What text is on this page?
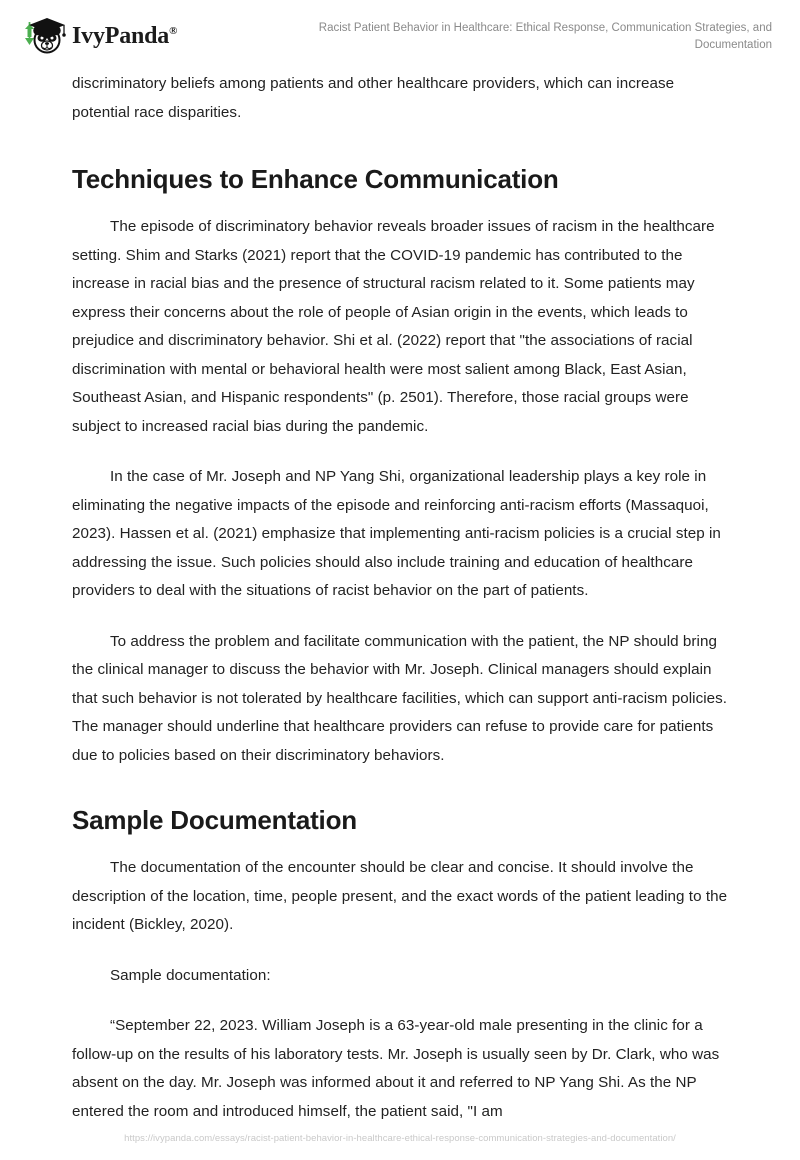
IvyPanda®	Racist Patient Behavior in Healthcare: Ethical Response, Communication Strategies, and Documentation

discriminatory beliefs among patients and other healthcare providers, which can increase potential race disparities.

Techniques to Enhance Communication

The episode of discriminatory behavior reveals broader issues of racism in the healthcare setting. Shim and Starks (2021) report that the COVID-19 pandemic has contributed to the increase in racial bias and the presence of structural racism related to it. Some patients may express their concerns about the role of people of Asian origin in the events, which leads to prejudice and discriminatory behavior. Shi et al. (2022) report that "the associations of racial discrimination with mental or behavioral health were most salient among Black, East Asian, Southeast Asian, and Hispanic respondents" (p. 2501). Therefore, those racial groups were subject to increased racial bias during the pandemic.

In the case of Mr. Joseph and NP Yang Shi, organizational leadership plays a key role in eliminating the negative impacts of the episode and reinforcing anti-racism efforts (Massaquoi, 2023). Hassen et al. (2021) emphasize that implementing anti-racism policies is a crucial step in addressing the issue. Such policies should also include training and education of healthcare providers to deal with the situations of racist behavior on the part of patients.

To address the problem and facilitate communication with the patient, the NP should bring the clinical manager to discuss the behavior with Mr. Joseph. Clinical managers should explain that such behavior is not tolerated by healthcare facilities, which can support anti-racism policies. The manager should underline that healthcare providers can refuse to provide care for patients due to policies based on their discriminatory behaviors.

Sample Documentation

The documentation of the encounter should be clear and concise. It should involve the description of the location, time, people present, and the exact words of the patient leading to the incident (Bickley, 2020).

Sample documentation:

“September 22, 2023. William Joseph is a 63-year-old male presenting in the clinic for a follow-up on the results of his laboratory tests. Mr. Joseph is usually seen by Dr. Clark, who was absent on the day. Mr. Joseph was informed about it and referred to NP Yang Shi. As the NP entered the room and introduced himself, the patient said, "I am

https://ivypanda.com/essays/racist-patient-behavior-in-healthcare-ethical-response-communication-strategies-and-documentation/
